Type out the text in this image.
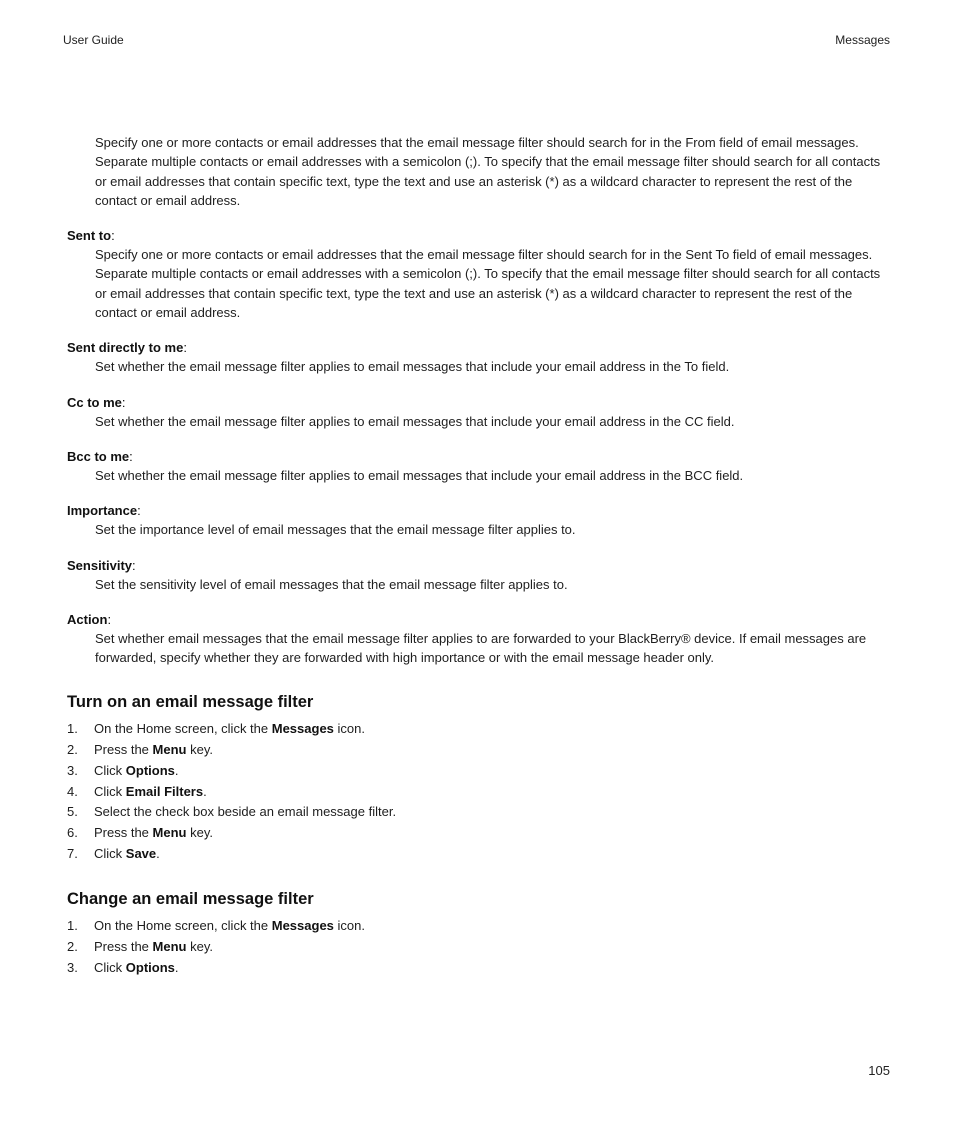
User Guide	Messages

Specify one or more contacts or email addresses that the email message filter should search for in the From field of email messages. Separate multiple contacts or email addresses with a semicolon (;). To specify that the email message filter should search for all contacts or email addresses that contain specific text, type the text and use an asterisk (*) as a wildcard character to represent the rest of the contact or email address.

Sent to:

Specify one or more contacts or email addresses that the email message filter should search for in the Sent To field of email messages. Separate multiple contacts or email addresses with a semicolon (;). To specify that the email message filter should search for all contacts or email addresses that contain specific text, type the text and use an asterisk (*) as a wildcard character to represent the rest of the contact or email address.

Sent directly to me:

Set whether the email message filter applies to email messages that include your email address in the To field.

Cc to me:

Set whether the email message filter applies to email messages that include your email address in the CC field.

Bcc to me:

Set whether the email message filter applies to email messages that include your email address in the BCC field.

Importance:

Set the importance level of email messages that the email message filter applies to.

Sensitivity:

Set the sensitivity level of email messages that the email message filter applies to.

Action:

Set whether email messages that the email message filter applies to are forwarded to your BlackBerry® device. If email messages are forwarded, specify whether they are forwarded with high importance or with the email message header only.

Turn on an email message filter
1.	On the Home screen, click the Messages icon.
2.	Press the Menu key.
3.	Click Options.
4.	Click Email Filters.
5.	Select the check box beside an email message filter.
6.	Press the Menu key.
7.	Click Save.
Change an email message filter
1.	On the Home screen, click the Messages icon.
2.	Press the Menu key.
3.	Click Options.
105
